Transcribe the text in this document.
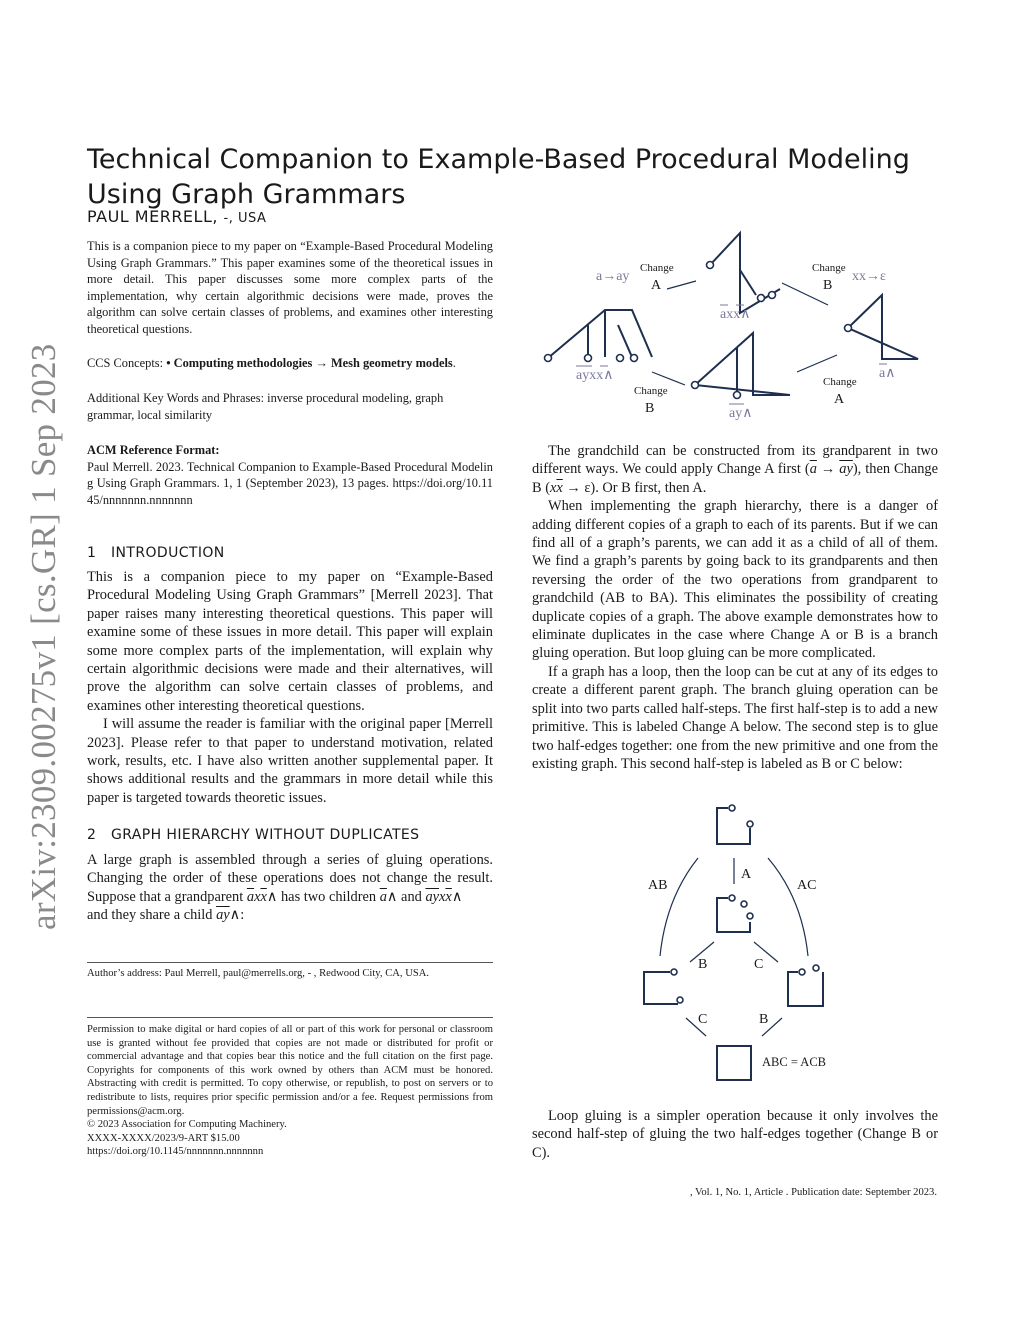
arXiv:2309.00275v1 [cs.GR] 1 Sep 2023
Technical Companion to Example-Based Procedural Modeling Using Graph Grammars
PAUL MERRELL, -, USA
This is a companion piece to my paper on “Example-Based Procedural Modeling Using Graph Grammars.” This paper examines some of the theoretical issues in more detail. This paper discusses some more complex parts of the implementation, why certain algorithmic decisions were made, proves the algorithm can solve certain classes of problems, and examines other interesting theoretical questions.
CCS Concepts: • Computing methodologies → Mesh geometry models.
Additional Key Words and Phrases: inverse procedural modeling, graph grammar, local similarity
ACM Reference Format:
Paul Merrell. 2023. Technical Companion to Example-Based Procedural Modeling Using Graph Grammars. 1, 1 (September 2023), 13 pages. https://doi.org/10.1145/nnnnnnn.nnnnnnn
1 INTRODUCTION

This is a companion piece to my paper on “Example-Based Procedural Modeling Using Graph Grammars” [Merrell 2023]. That paper raises many interesting theoretical questions. This paper will examine some of these issues in more detail. This paper will explain some more complex parts of the implementation, will explain why certain algorithmic decisions were made and their alternatives, will prove the algorithm can solve certain classes of problems, and examines other interesting theoretical questions.

I will assume the reader is familiar with the original paper [Merrell 2023]. Please refer to that paper to understand motivation, related work, results, etc. I have also written another supplemental paper. It shows additional results and the grammars in more detail while this paper is targeted towards theoretic issues.

2 GRAPH HIERARCHY WITHOUT DUPLICATES

A large graph is assembled through a series of gluing operations. Changing the order of these operations does not change the result. Suppose that a grandparent $\overline{a}x\overline{x}\wedge$ has two children $\overline{a}\wedge$ and $\overline{ay}x\overline{x}\wedge$
and they share a child $\overline{ay}\wedge$:

Author’s address: Paul Merrell, paul@merrells.org, - , Redwood City, CA, USA.
Permission to make digital or hard copies of all or part of this work for personal or classroom use is granted without fee provided that copies are not made or distributed for profit or commercial advantage and that copies bear this notice and the full citation on the first page. Copyrights for components of this work owned by others than ACM must be honored. Abstracting with credit is permitted. To copy otherwise, or republish, to post on servers or to redistribute to lists, requires prior specific permission and/or a fee. Request permissions from permissions@acm.org.
© 2023 Association for Computing Machinery.
XXXX-XXXX/2023/9-ART $15.00
https://doi.org/10.1145/nnnnnnn.nnnnnnn
Change
A
Change
B
Change
B
Change
A
a→ay	xx→ε
axx∧
ayxx∧
ay∧
a∧

The grandchild can be constructed from its grandparent in two different ways. We could apply Change A first $(\overline{a} \to \overline{ay})$, then Change B $(x\overline{x} \to \varepsilon)$. Or B first, then A.

When implementing the graph hierarchy, there is a danger of adding different copies of a graph to each of its parents. But if we can find all of a graph’s parents, we can add it as a child of all of them. We find a graph’s parents by going back to its grandparents and then reversing the order of the two operations from grandparent to grandchild (AB to BA). This eliminates the possibility of creating duplicate copies of a graph. The above example demonstrates how to eliminate duplicates in the case where Change A or B is a branch gluing operation. But loop gluing can be more complicated.

If a graph has a loop, then the loop can be cut at any of its edges to create a different parent graph. The branch gluing operation can be split into two parts called half-steps. The first half-step is to add a new primitive. This is labeled Change A below. The second step is to glue two half-edges together: one from the new primitive and one from the existing graph. This second half-step is labeled as B or C below:

A
AB	AC
B	C
C	B
ABC = ACB

Loop gluing is a simpler operation because it only involves the second half-step of gluing the two half-edges together (Change B or C).

, Vol. 1, No. 1, Article . Publication date: September 2023.
